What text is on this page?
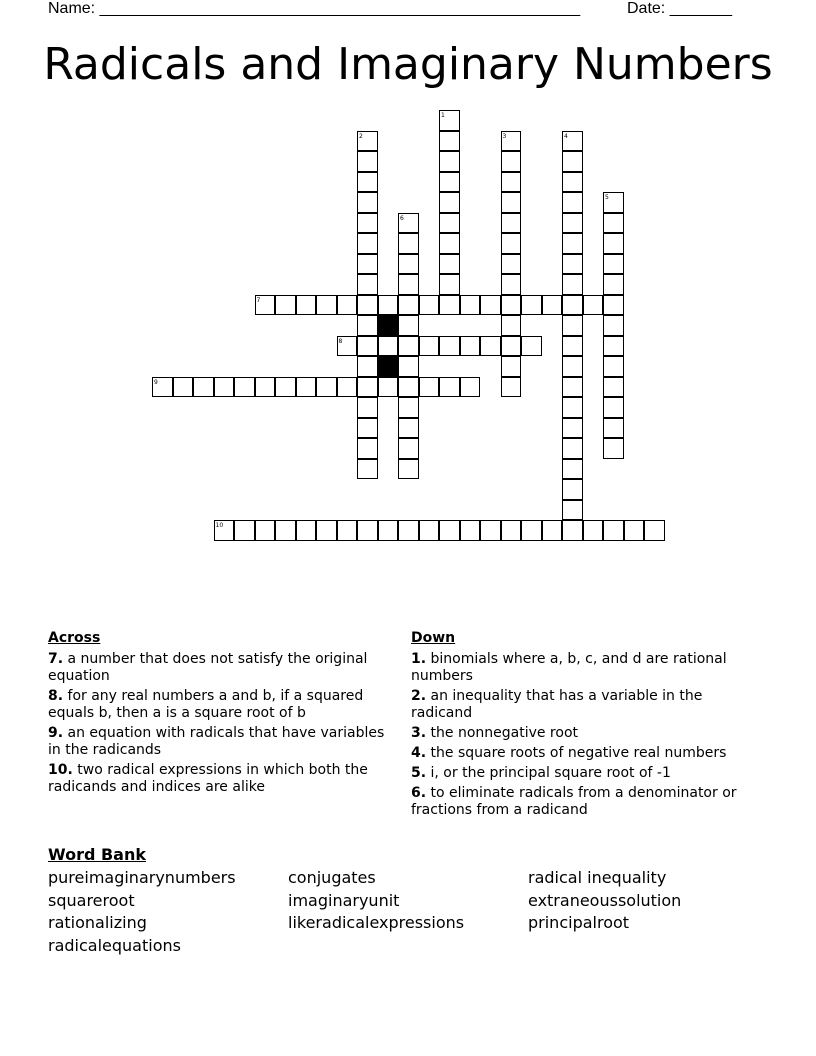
Name: ______________________________________________________	Date: _______
Radicals and Imaginary Numbers
1
2	3	4
5
6
7
8
9
10
Across
7. a number that does not satisfy the original equation
8. for any real numbers a and b, if a squared equals b, then a is a square root of b
9. an equation with radicals that have variables in the radicands
10. two radical expressions in which both the radicands and indices are alike
Down
1. binomials where a, b, c, and d are rational numbers
2. an inequality that has a variable in the radicand
3. the nonnegative root
4. the square roots of negative real numbers
5. i, or the principal square root of -1
6. to eliminate radicals from a denominator or fractions from a radicand
Word Bank
pureimaginarynumbers
squareroot
rationalizing
radicalequations
conjugates
imaginaryunit
likeradicalexpressions
radical inequality
extraneoussolution
principalroot
